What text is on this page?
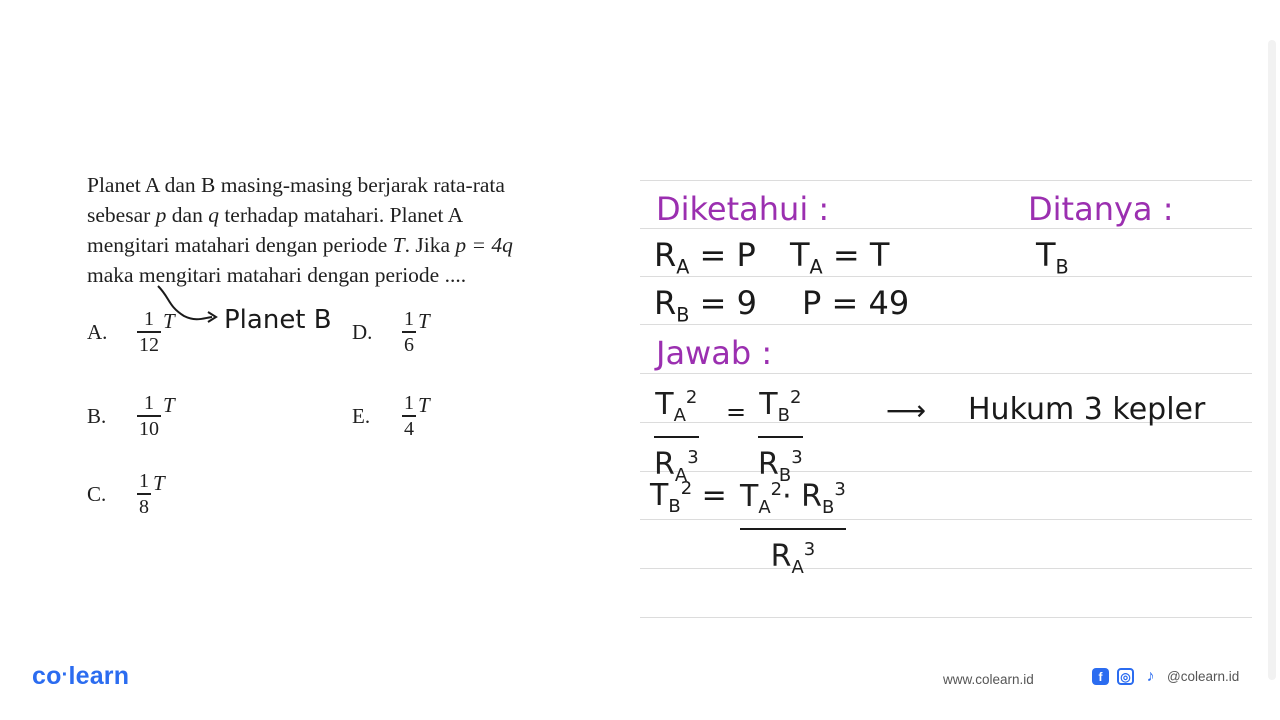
Planet A dan B masing-masing berjarak rata-rata

sebesar p dan q terhadap matahari. Planet A

mengitari matahari dengan periode T. Jika p = 4q

maka mengitari matahari dengan periode ....

Planet B
A.	$\frac{1}{12}$ T
B.	$\frac{1}{10}$ T
C.	$\frac{1}{8}$ T
D.	$\frac{1}{6}$ T
E.	$\frac{1}{4}$ T
Diketahui :	Ditanya :
$R_A = P$ $T_A = T$	$T_B$
$R_B = 9$ P = 49
Jawab :
$T_A^2$
$R_A^3$
= $T_B^2$
$R_B^3$
⟶ Hukum 3 kepler
$T_B^2 = T_A^2\cdot R_B^3$
$R_A^3$
co·learn	www.colearn.id	f	◎ ♪ @colearn.id
